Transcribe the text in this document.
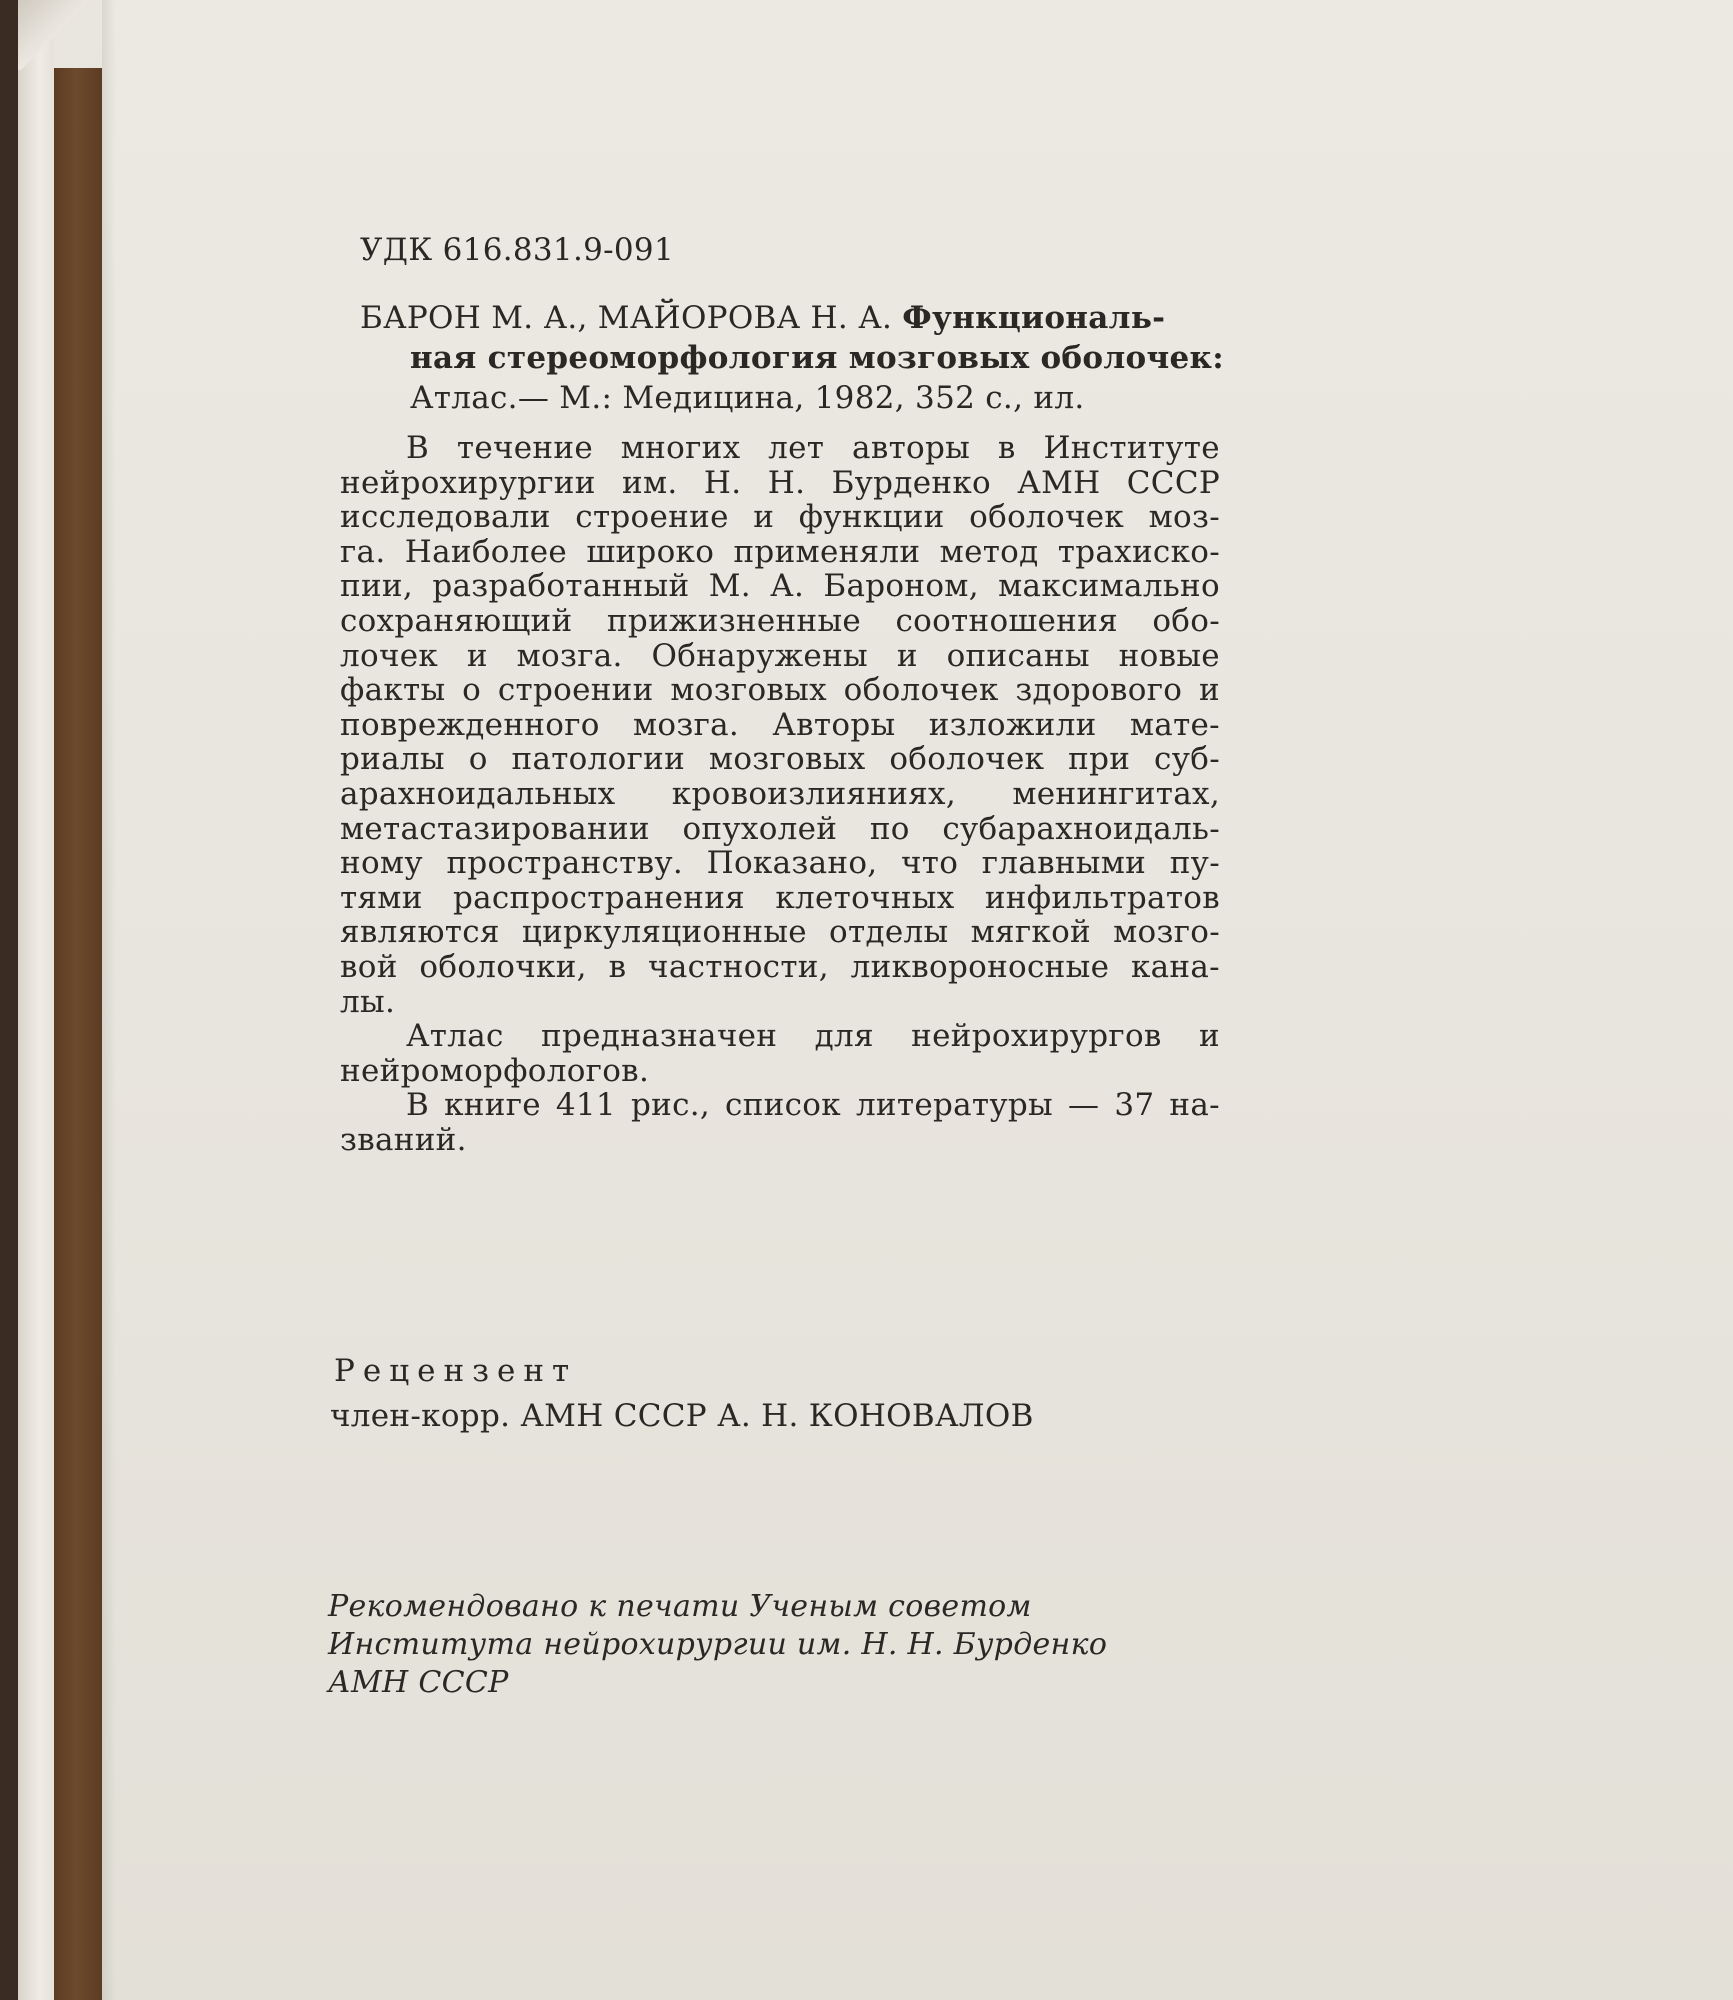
УДК 616.831.9-091
БАРОН М. А., МАЙОРОВА Н. А. Функциональ-
ная стереоморфология мозговых оболочек:
Атлас.— М.: Медицина, 1982, 352 с., ил.
В течение многих лет авторы в Институте
нейрохирургии им. Н. Н. Бурденко АМН СССР
исследовали строение и функции оболочек моз-
га. Наиболее широко применяли метод трахиско-
пии, разработанный М. А. Бароном, максимально
сохраняющий прижизненные соотношения обо-
лочек и мозга. Обнаружены и описаны новые
факты о строении мозговых оболочек здорового и
поврежденного мозга. Авторы изложили мате-
риалы о патологии мозговых оболочек при суб-
арахноидальных кровоизлияниях, менингитах,
метастазировании опухолей по субарахноидаль-
ному пространству. Показано, что главными пу-
тями распространения клеточных инфильтратов
являются циркуляционные отделы мягкой мозго-
вой оболочки, в частности, ликвороносные кана-
лы.
Атлас предназначен для нейрохирургов и
нейроморфологов.
В книге 411 рис., список литературы — 37 на-
званий.
Рецензент
член-корр. АМН СССР А. Н. КОНОВАЛОВ
Рекомендовано к печати Ученым советом
Института нейрохирургии им. Н. Н. Бурденко
АМН СССР
